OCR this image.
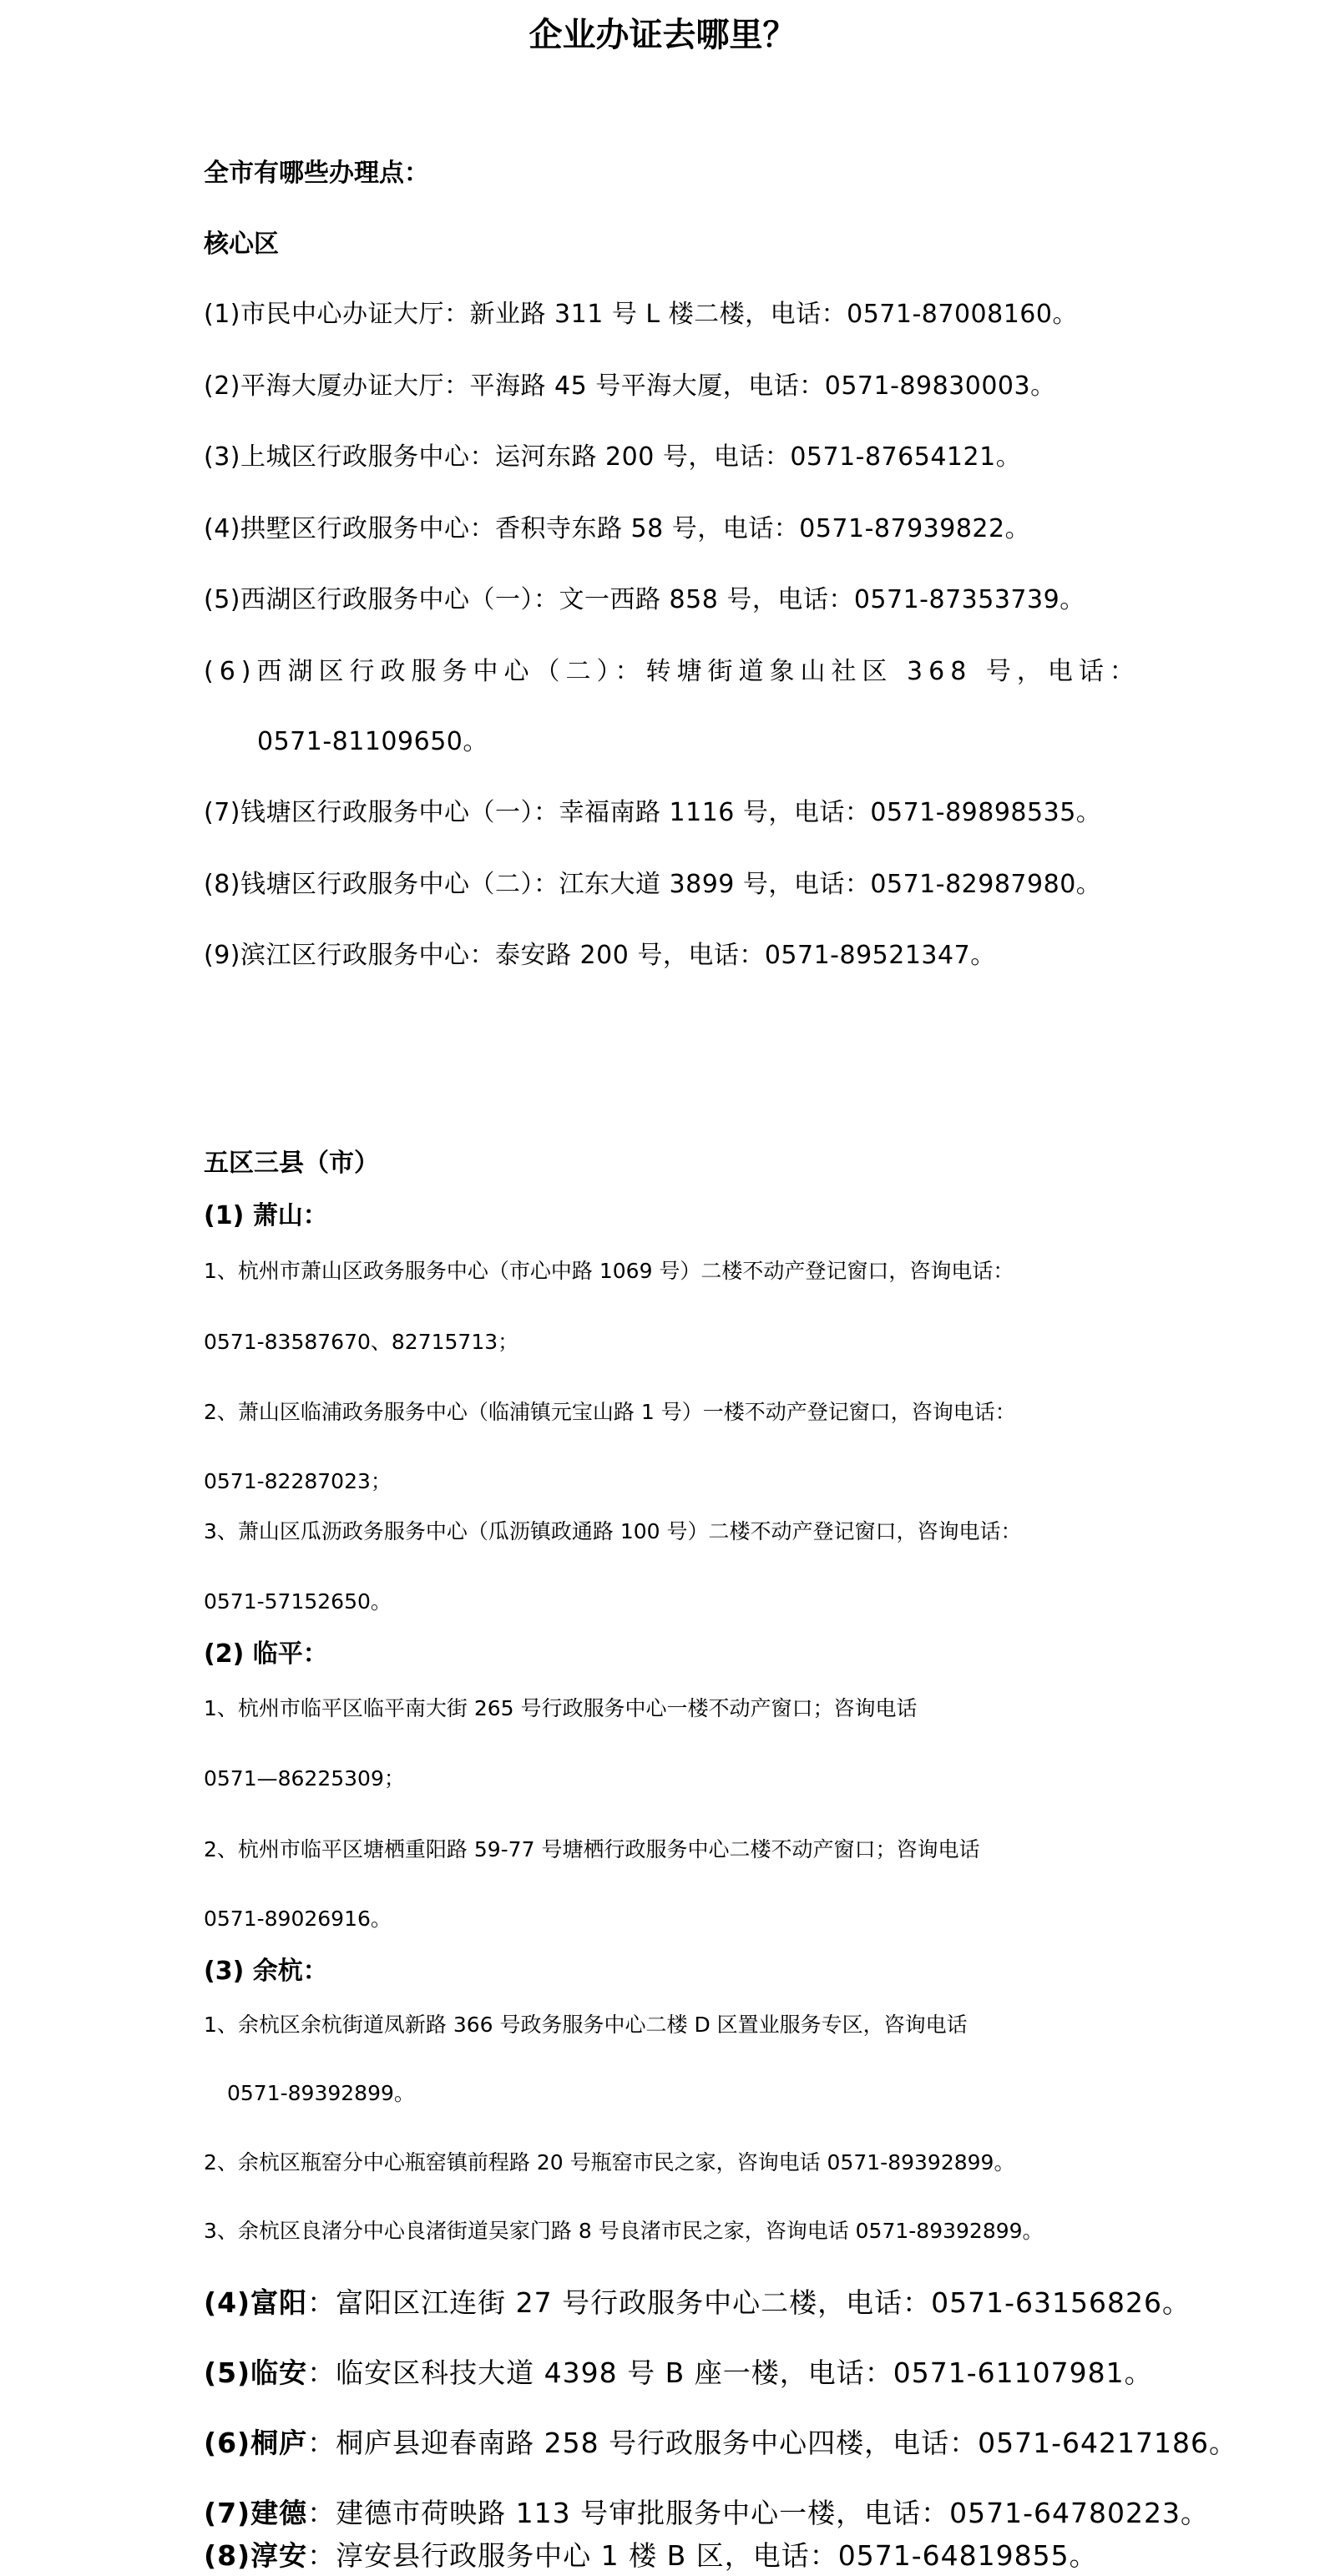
企业办证去哪里？

全市有哪些办理点：

核心区

(1)市民中心办证大厅：新业路 311 号 L 楼二楼，电话：0571-87008160。

(2)平海大厦办证大厅：平海路 45 号平海大厦，电话：0571-89830003。

(3)上城区行政服务中心：运河东路 200 号，电话：0571-87654121。

(4)拱墅区行政服务中心：香积寺东路 58 号，电话：0571-87939822。

(5)西湖区行政服务中心（一）：文一西路 858 号，电话：0571-87353739。

(6)西湖区行政服务中心（二）：转塘街道象山社区 368 号，电话：

0571-81109650。

(7)钱塘区行政服务中心（一）：幸福南路 1116 号，电话：0571-89898535。

(8)钱塘区行政服务中心（二）：江东大道 3899 号，电话：0571-82987980。

(9)滨江区行政服务中心：泰安路 200 号，电话：0571-89521347。

五区三县（市）

(1) 萧山：

1、杭州市萧山区政务服务中心（市心中路 1069 号）二楼不动产登记窗口，咨询电话：

0571-83587670、82715713；

2、萧山区临浦政务服务中心（临浦镇元宝山路 1 号）一楼不动产登记窗口，咨询电话：

0571-82287023；

3、萧山区瓜沥政务服务中心（瓜沥镇政通路 100 号）二楼不动产登记窗口，咨询电话：

0571-57152650。

(2) 临平：

1、杭州市临平区临平南大街 265 号行政服务中心一楼不动产窗口；咨询电话

0571—86225309；

2、杭州市临平区塘栖重阳路 59-77 号塘栖行政服务中心二楼不动产窗口；咨询电话

0571-89026916。

(3) 余杭：

1、余杭区余杭街道凤新路 366 号政务服务中心二楼 D 区置业服务专区，咨询电话

0571-89392899。

2、余杭区瓶窑分中心瓶窑镇前程路 20 号瓶窑市民之家，咨询电话 0571-89392899。

3、余杭区良渚分中心良渚街道吴家门路 8 号良渚市民之家，咨询电话 0571-89392899。

(4)富阳：富阳区江连街 27 号行政服务中心二楼，电话：0571-63156826。

(5)临安：临安区科技大道 4398 号 B 座一楼，电话：0571-61107981。

(6)桐庐：桐庐县迎春南路 258 号行政服务中心四楼，电话：0571-64217186。

(7)建德：建德市荷映路 113 号审批服务中心一楼，电话：0571-64780223。

(8)淳安：淳安县行政服务中心 1 楼 B 区，电话：0571-64819855。
